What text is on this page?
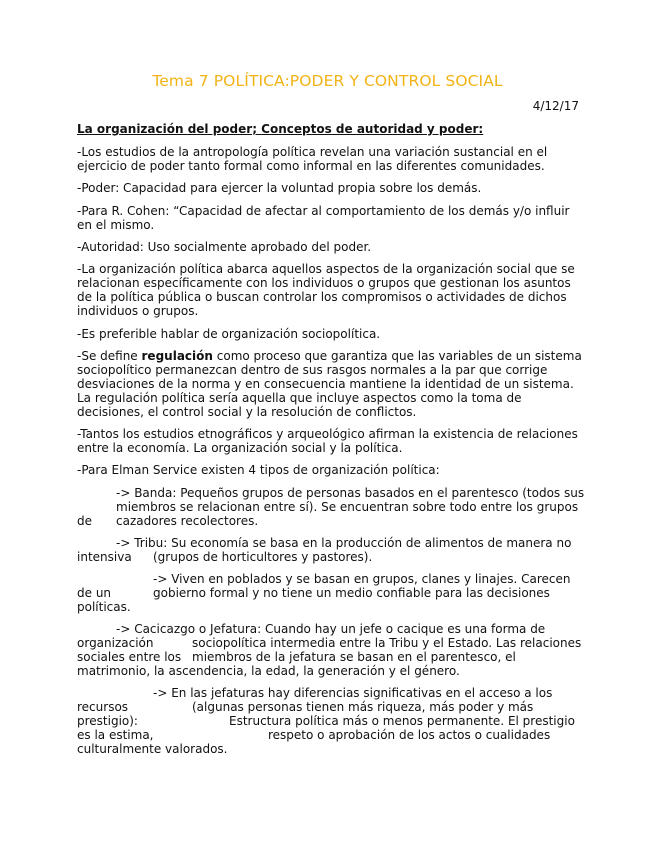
Tema 7 POLÍTICA:PODER Y CONTROL SOCIAL
4/12/17
La organización del poder; Conceptos de autoridad y poder:
-Los estudios de la antropología política revelan una variación sustancial en el
ejercicio de poder tanto formal como informal en las diferentes comunidades.
-Poder: Capacidad para ejercer la voluntad propia sobre los demás.
-Para R. Cohen: “Capacidad de afectar al comportamiento de los demás y/o influir
en el mismo.
-Autoridad: Uso socialmente aprobado del poder.
-La organización política abarca aquellos aspectos de la organización social que se
relacionan específicamente con los individuos o grupos que gestionan los asuntos
de la política pública o buscan controlar los compromisos o actividades de dichos
individuos o grupos.
-Es preferible hablar de organización sociopolítica.
-Se define regulación como proceso que garantiza que las variables de un sistema
sociopolítico permanezcan dentro de sus rasgos normales a la par que corrige
desviaciones de la norma y en consecuencia mantiene la identidad de un sistema.
La regulación política sería aquella que incluye aspectos como la toma de
decisiones, el control social y la resolución de conflictos.
-Tantos los estudios etnográficos y arqueológico afirman la existencia de relaciones
entre la economía. La organización social y la política.
-Para Elman Service existen 4 tipos de organización política:
-> Banda: Pequeños grupos de personas basados en el parentesco (todos sus
miembros se relacionan entre sí). Se encuentran sobre todo entre los grupos
de cazadores recolectores.
-> Tribu: Su economía se basa en la producción de alimentos de manera no
intensiva (grupos de horticultores y pastores).
-> Viven en poblados y se basan en grupos, clanes y linajes. Carecen
de un	gobierno formal y no tiene un medio confiable para las decisiones
políticas.
-> Cacicazgo o Jefatura: Cuando hay un jefe o cacique es una forma de
organización	sociopolítica intermedia entre la Tribu y el Estado. Las relaciones
sociales entre los miembros de la jefatura se basan en el parentesco, el
matrimonio, la ascendencia, la edad, la generación y el género.
-> En las jefaturas hay diferencias significativas en el acceso a los
recursos	(algunas personas tienen más riqueza, más poder y más
prestigio):	Estructura política más o menos permanente. El prestigio
es la estima,	respeto o aprobación de los actos o cualidades
culturalmente valorados.
